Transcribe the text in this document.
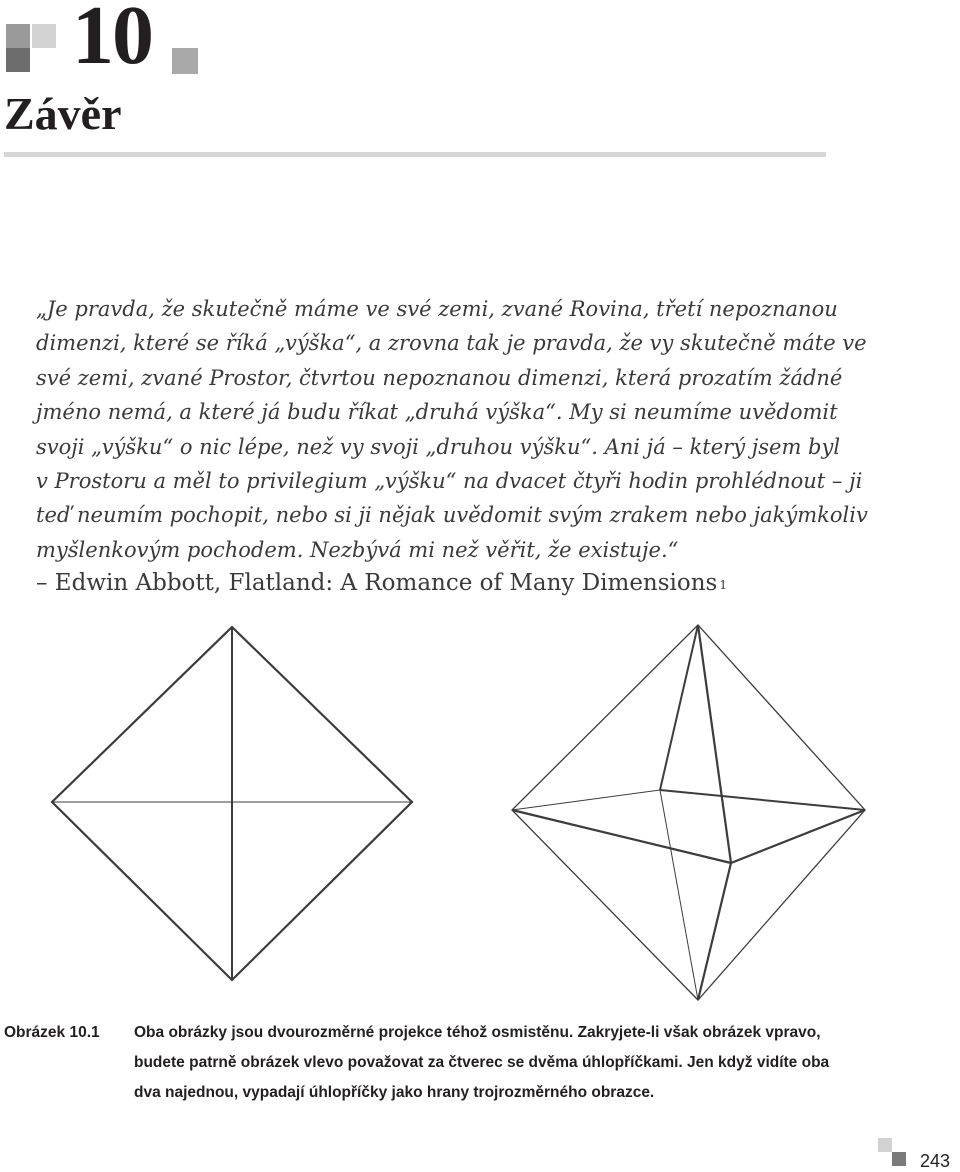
10
Závěr
„Je pravda, že skutečně máme ve své zemi, zvané Rovina, třetí nepoznanou
dimenzi, které se říká „výška“, a zrovna tak je pravda, že vy skutečně máte ve
své zemi, zvané Prostor, čtvrtou nepoznanou dimenzi, která prozatím žádné
jméno nemá, a které já budu říkat „druhá výška“. My si neumíme uvědomit
svoji „výšku“ o nic lépe, než vy svoji „druhou výšku“. Ani já – který jsem byl
v Prostoru a měl to privilegium „výšku“ na dvacet čtyři hodin prohlédnout – ji
teď neumím pochopit, nebo si ji nějak uvědomit svým zrakem nebo jakýmkoliv
myšlenkovým pochodem. Nezbývá mi než věřit, že existuje.“
– Edwin Abbott, Flatland: A Romance of Many Dimensions $^1$
Obrázek 10.1 Oba obrázky jsou dvourozměrné projekce téhož osmistěnu. Zakryjete-li však obrázek vpravo,
budete patrně obrázek vlevo považovat za čtverec se dvěma úhlopříčkami. Jen když vidíte oba
dva najednou, vypadají úhlopříčky jako hrany trojrozměrného obrazce.
243
